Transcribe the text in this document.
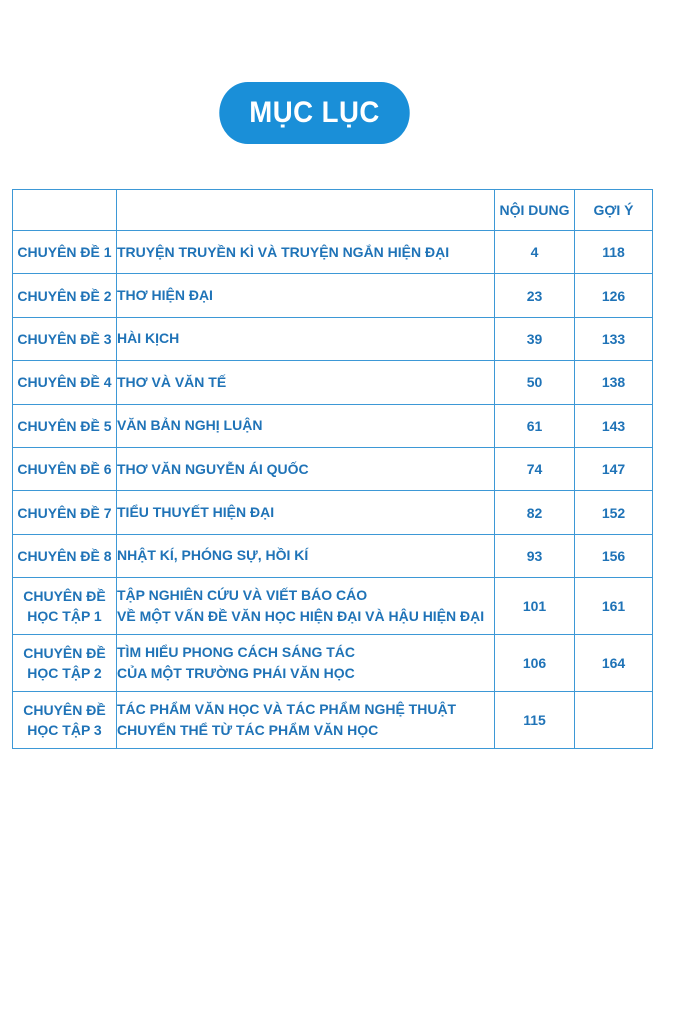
MỤC LỤC
		NỘI DUNG	GỢI Ý

CHUYÊN ĐỀ 1	TRUYỆN TRUYỀN KÌ VÀ TRUYỆN NGẮN HIỆN ĐẠI	4	118

CHUYÊN ĐỀ 2	THƠ HIỆN ĐẠI	23	126

CHUYÊN ĐỀ 3	HÀI KỊCH	39	133

CHUYÊN ĐỀ 4	THƠ VÀ VĂN TẾ	50	138

CHUYÊN ĐỀ 5	VĂN BẢN NGHỊ LUẬN	61	143

CHUYÊN ĐỀ 6	THƠ VĂN NGUYỄN ÁI QUỐC	74	147

CHUYÊN ĐỀ 7	TIỂU THUYẾT HIỆN ĐẠI	82	152

CHUYÊN ĐỀ 8	NHẬT KÍ, PHÓNG SỰ, HỒI KÍ	93	156

CHUYÊN ĐỀ
HỌC TẬP 1	TẬP NGHIÊN CỨU VÀ VIẾT BÁO CÁO
VỀ MỘT VẤN ĐỀ VĂN HỌC HIỆN ĐẠI VÀ HẬU HIỆN ĐẠI	101	161

CHUYÊN ĐỀ
HỌC TẬP 2	TÌM HIỂU PHONG CÁCH SÁNG TÁC
CỦA MỘT TRƯỜNG PHÁI VĂN HỌC	106	164

CHUYÊN ĐỀ
HỌC TẬP 3	TÁC PHẨM VĂN HỌC VÀ TÁC PHẨM NGHỆ THUẬT
CHUYỂN THỂ TỪ TÁC PHẨM VĂN HỌC	115	
